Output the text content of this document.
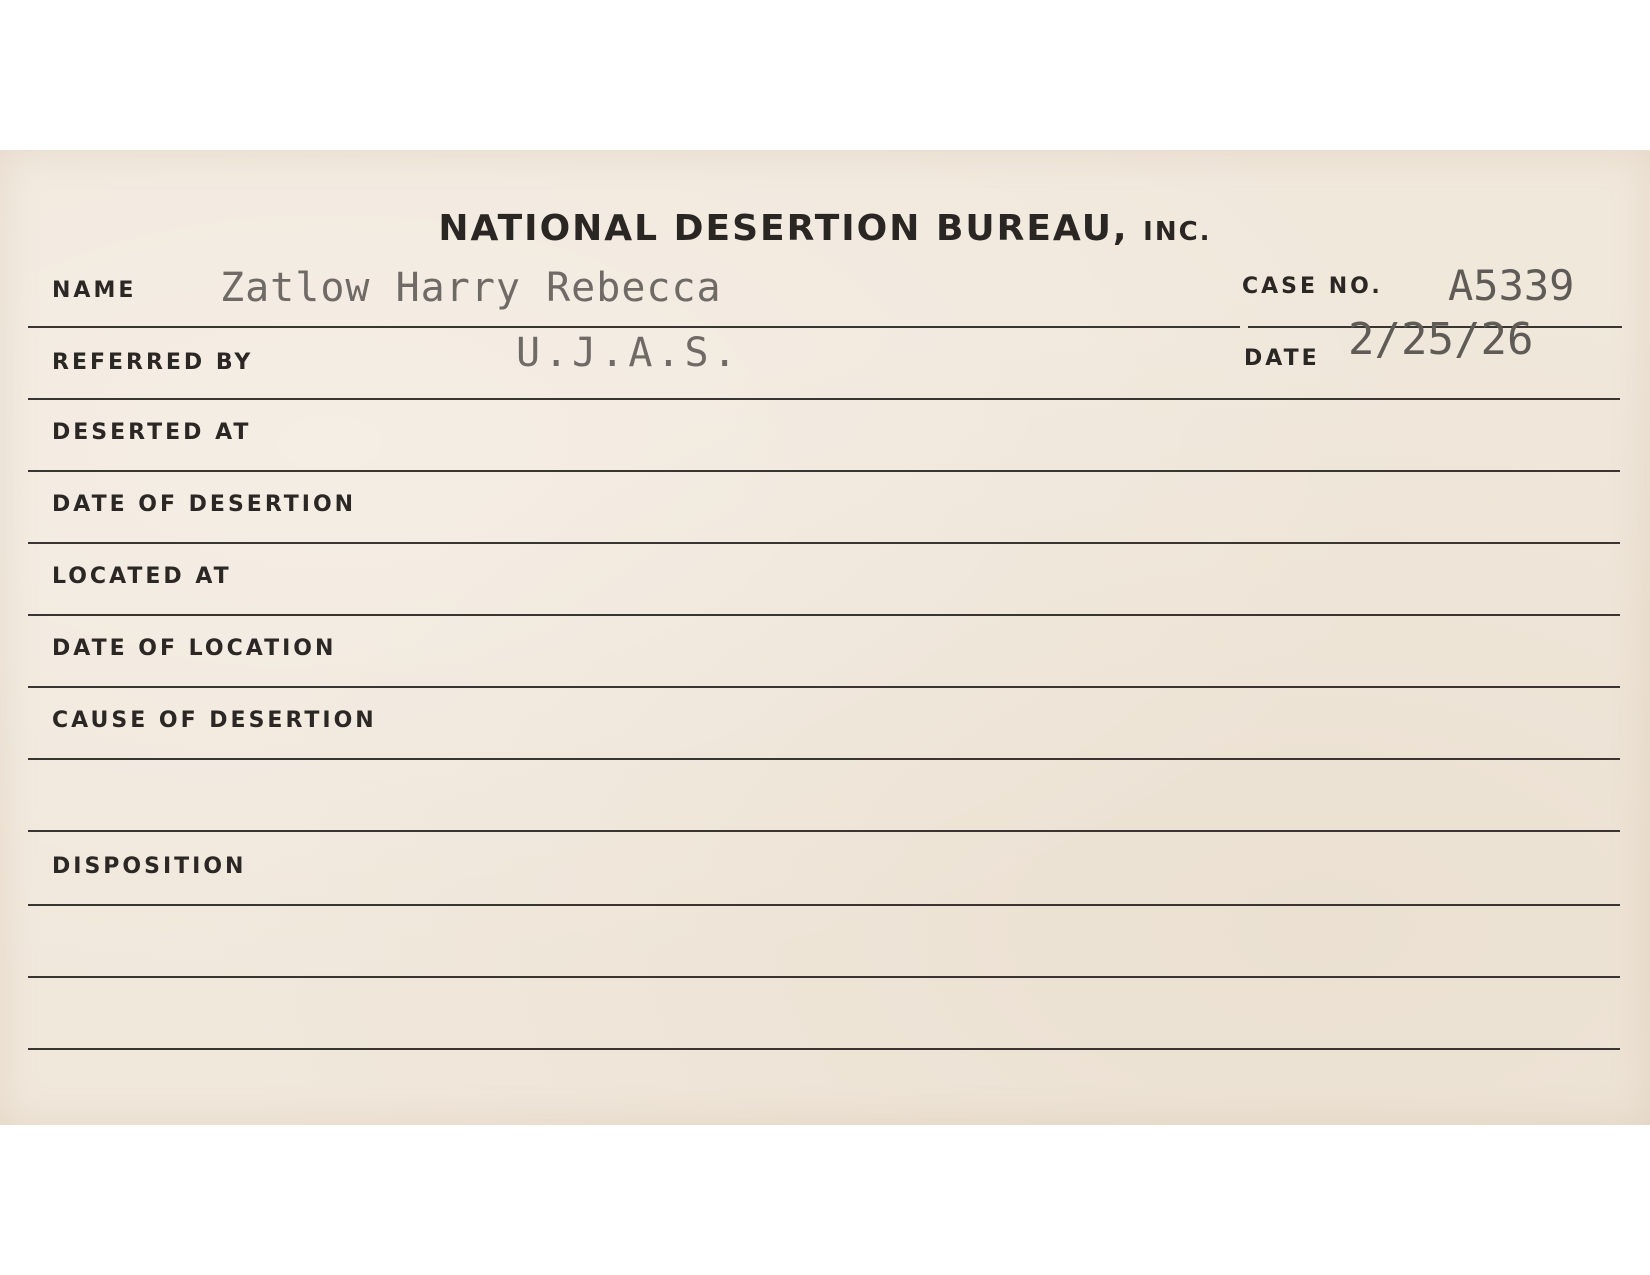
NATIONAL DESERTION BUREAU, INC.
NAME Zatlow Harry Rebecca	CASE NO. A5339
REFERRED BY	U.J.A.S.	DATE 2/25/26
DESERTED AT
DATE OF DESERTION
LOCATED AT
DATE OF LOCATION
CAUSE OF DESERTION
DISPOSITION
